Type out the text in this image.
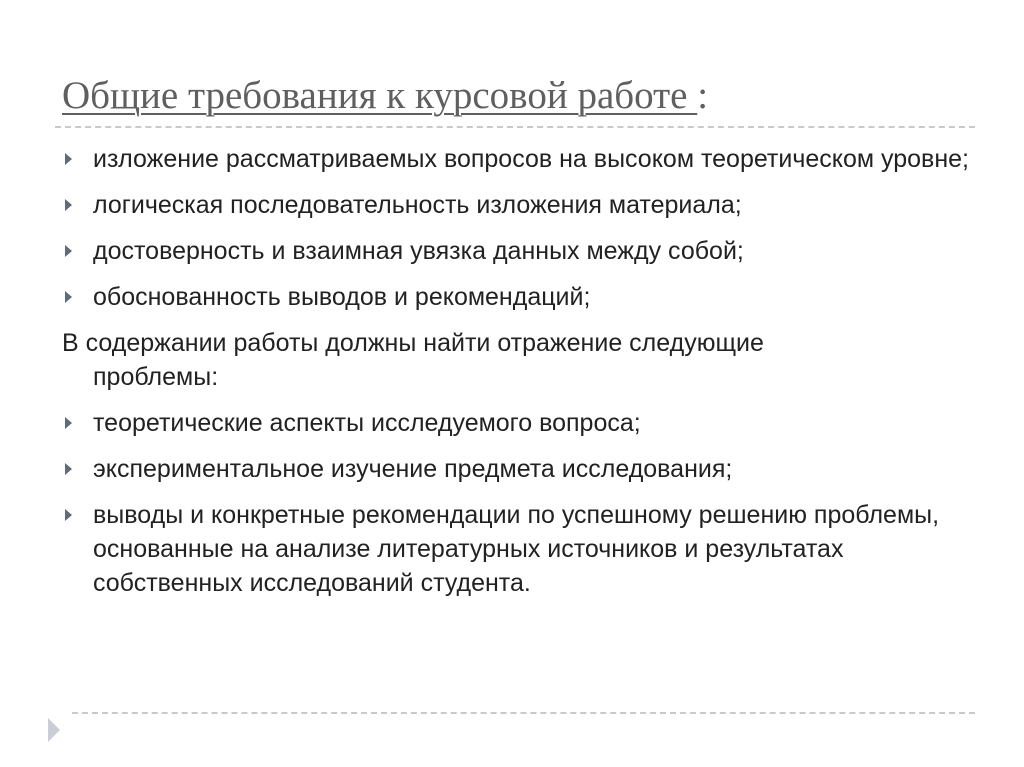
Общие требования к курсовой работе :
изложение рассматриваемых вопросов на высоком теоретическом уровне;
логическая последовательность изложения материала;
достоверность и взаимная увязка данных между собой;
обоснованность выводов и рекомендаций;
В содержании работы должны найти отражение следующие
проблемы:
теоретические аспекты исследуемого вопроса;
экспериментальное изучение предмета исследования;
выводы и конкретные рекомендации по успешному решению проблемы, основанные на анализе литературных источников и результатах собственных исследований студента.
